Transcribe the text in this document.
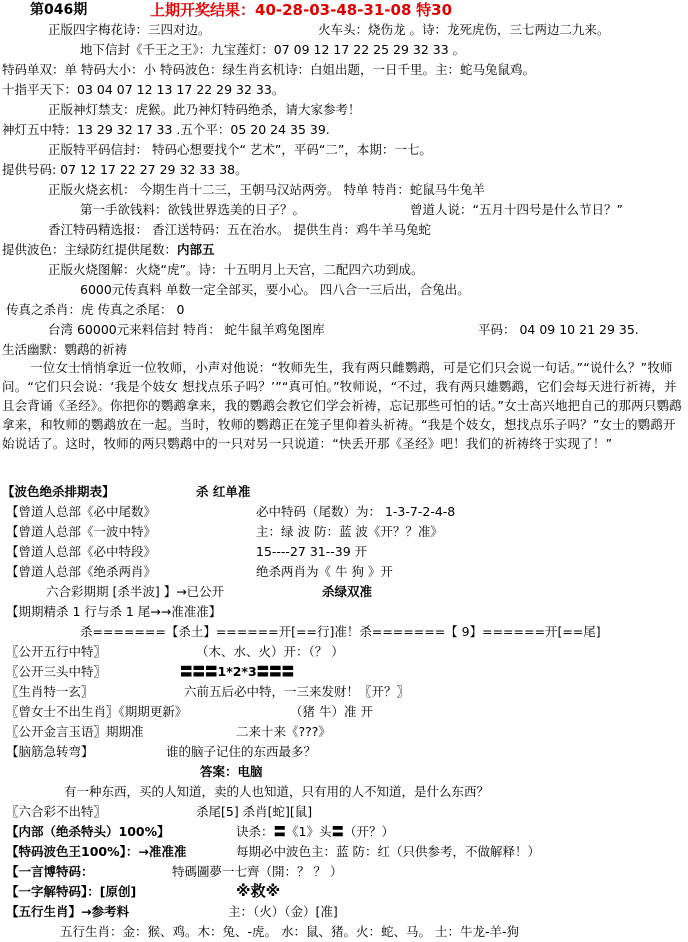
第046期	上期开奖结果：40-28-03-48-31-08 特30
正版四字梅花诗：三四对边。	火车头：烧伤龙 。诗：龙死虎伤，三七两边二九来。
地下信封《千王之王》：九宝莲灯：07 09 12 17 22 25 29 32 33 。
特码单双：单 特码大小：小 特码波色：绿生肖玄机诗：白姐出题，一日千里。主：蛇马兔鼠鸡。
十指平天下：03 04 07 12 13 17 22 29 32 33。
正版神灯禁支：虎猴。此乃神灯特码绝杀，请大家参考！
神灯五中特：13 29 32 17 33 .五个平：05 20 24 35 39.
正版特平码信封： 特码心想要找个“ 艺术”，平码“二”，本期：一七。
提供号码: 07 12 17 22 27 29 32 33 38。
正版火烧玄机： 今期生肖十二三，王朝马汉站两旁。 特单 特肖：蛇鼠马牛兔羊
第一手欲钱料：欲钱世界选美的日子？。	曾道人说：“五月十四号是什么节日？”
香江特码精选报： 香江送特码：五在治水。 提供生肖：鸡牛羊马兔蛇
提供波色：主绿防红提供尾数：内部五
正版火烧图解：火烧“虎”。诗：十五明月上天宫，二配四六功到成。
6000元传真料 单数一定全部买，要小心。 四八合一三后出，合兔出。
传真之杀肖：虎 传真之杀尾： 0
台湾 60000元来料信封 特肖： 蛇牛鼠羊鸡兔图库	平码： 04 09 10 21 29 35.
生活幽默：鹦鹉的祈祷
一位女士悄悄拿近一位牧师，小声对他说：“牧师先生，我有两只雌鹦鹉，可是它们只会说一句话。”“说什么？”牧师问。“它们只会说：‘我是个妓女 想找点乐子吗？’”“真可怕。”牧师说，“不过，我有两只雄鹦鹉，它们会每天进行祈祷，并且会背诵《圣经》。你把你的鹦鹉拿来，我的鹦鹉会教它们学会祈祷，忘记那些可怕的话。”女士高兴地把自己的那两只鹦鹉拿来，和牧师的鹦鹉放在一起。当时，牧师的鹦鹉正在笼子里仰着头祈祷。“我是个妓女，想找点乐子吗？”女士的鹦鹉开始说话了。这时，牧师的两只鹦鹉中的一只对另一只说道：“快丢开那《圣经》吧！我们的祈祷终于实现了！”
【波色绝杀排期表】	杀 红单准
【曾道人总部《必中尾数》	必中特码（尾数）为： 1-3-7-2-4-8
【曾道人总部《一波中特》	主：绿 波 防：蓝 波《开？？准》
【曾道人总部《必中特段》	15----27 31--39 开
【曾道人总部《绝杀两肖》	绝杀两肖为《 牛 狗 》开
六合彩期期 [杀半波] 】→已公开	杀绿双准
【期期精杀 1 行与杀 1 尾→→准准准】
杀=======【杀土】======开[==行]准！杀=======【 9】======开[==尾]
〖公开五行中特〗	（木、水、火）开：（？ ）
〖公开三头中特〗	〓〓〓1*2*3〓〓〓
〖生肖特一玄〗	六前五后必中特，一三来发财！〖开？〗
〖曾女士不出生肖〗《期期更新》	（猪 牛）准 开
〖公开金言玉语〗期期准	二来十来《???》
【脑筋急转弯】	谁的脑子记住的东西最多？
答案：电脑
有一种东西，买的人知道，卖的人也知道，只有用的人不知道，是什么东西？
〖六合彩不出特〗	杀尾[5] 杀肖[蛇][鼠]
【内部（绝杀特头）100%】	诀杀：〓《1》头〓（开？）
【特码波色王100%】：→准准准	每期必中波色主：蓝 防：红（只供参考，不做解释！）
【一言博特码：	特碼圖夢一七齊（開：？ ？ ）
【一字解特码】：[原创]	※救※
【五行生肖】→参考料	主：（火）（金）[准]
五行生肖：金：猴、鸡。木：兔、-虎。 水：鼠、猪。火：蛇、马。 土：牛龙-羊-狗
